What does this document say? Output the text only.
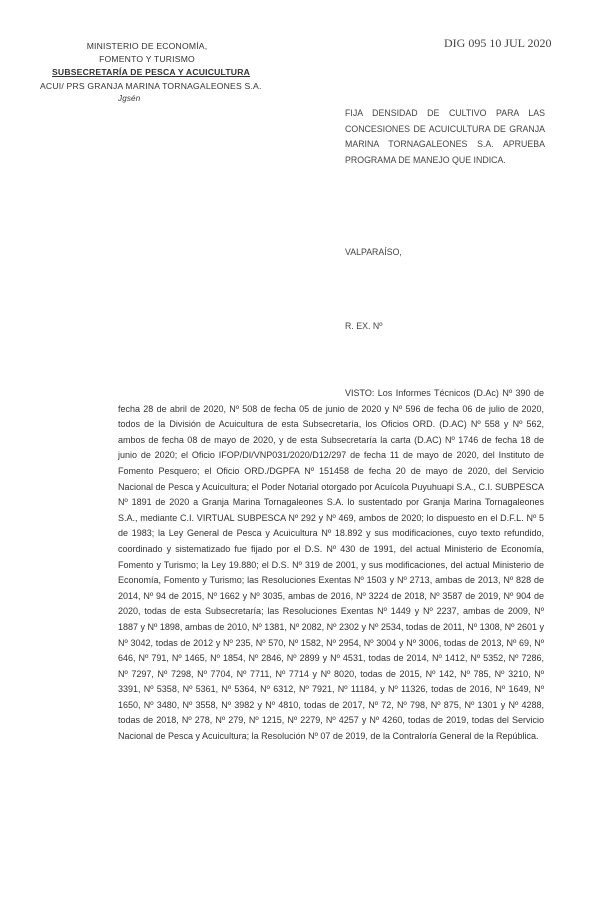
MINISTERIO DE ECONOMÍA,
FOMENTO Y TURISMO
SUBSECRETARÍA DE PESCA Y ACUICULTURA
ACUI/ PRS GRANJA MARINA TORNAGALEONES S.A.
Jgsén
DIG 095 10 JUL 2020
FIJA DENSIDAD DE CULTIVO PARA LAS CONCESIONES DE ACUICULTURA DE GRANJA MARINA TORNAGALEONES S.A. APRUEBA PROGRAMA DE MANEJO QUE INDICA.
VALPARAÍSO,
R. EX. Nº
VISTO: Los Informes Técnicos (D.Ac) Nº 390 de fecha 28 de abril de 2020, Nº 508 de fecha 05 de junio de 2020 y Nº 596 de fecha 06 de julio de 2020, todos de la División de Acuicultura de esta Subsecretaría, los Oficios ORD. (D.AC) Nº 558 y Nº 562, ambos de fecha 08 de mayo de 2020, y de esta Subsecretaría la carta (D.AC) Nº 1746 de fecha 18 de junio de 2020; el Oficio IFOP/DI/VNP031/2020/D12/297 de fecha 11 de mayo de 2020, del Instituto de Fomento Pesquero; el Oficio ORD./DGPFA Nº 151458 de fecha 20 de mayo de 2020, del Servicio Nacional de Pesca y Acuicultura; el Poder Notarial otorgado por Acuícola Puyuhuapi S.A., C.I. SUBPESCA Nº 1891 de 2020 a Granja Marina Tornagaleones S.A. lo sustentado por Granja Marina Tornagaleones S.A., mediante C.I. VIRTUAL SUBPESCA Nº 292 y Nº 469, ambos de 2020; lo dispuesto en el D.F.L. Nº 5 de 1983; la Ley General de Pesca y Acuicultura Nº 18.892 y sus modificaciones, cuyo texto refundido, coordinado y sistematizado fue fijado por el D.S. Nº 430 de 1991, del actual Ministerio de Economía, Fomento y Turismo; la Ley 19.880; el D.S. Nº 319 de 2001, y sus modificaciones, del actual Ministerio de Economía, Fomento y Turismo; las Resoluciones Exentas Nº 1503 y Nº 2713, ambas de 2013, Nº 828 de 2014, Nº 94 de 2015, Nº 1662 y Nº 3035, ambas de 2016, Nº 3224 de 2018, Nº 3587 de 2019, Nº 904 de 2020, todas de esta Subsecretaría; las Resoluciones Exentas Nº 1449 y Nº 2237, ambas de 2009, Nº 1887 y Nº 1898, ambas de 2010, Nº 1381, Nº 2082, Nº 2302 y Nº 2534, todas de 2011, Nº 1308, Nº 2601 y Nº 3042, todas de 2012 y Nº 235, Nº 570, Nº 1582, Nº 2954, Nº 3004 y Nº 3006, todas de 2013, Nº 69, Nº 646, Nº 791, Nº 1465, Nº 1854, Nº 2846, Nº 2899 y Nº 4531, todas de 2014, Nº 1412, Nº 5352, Nº 7286, Nº 7297, Nº 7298, Nº 7704, Nº 7711, Nº 7714 y Nº 8020, todas de 2015, Nº 142, Nº 785, Nº 3210, Nº 3391, Nº 5358, Nº 5361, Nº 5364, Nº 6312, Nº 7921, Nº 11184, y Nº 11326, todas de 2016, Nº 1649, Nº 1650, Nº 3480, Nº 3558, Nº 3982 y Nº 4810, todas de 2017, Nº 72, Nº 798, Nº 875, Nº 1301 y Nº 4288, todas de 2018, Nº 278, Nº 279, Nº 1215, Nº 2279, Nº 4257 y Nº 4260, todas de 2019, todas del Servicio Nacional de Pesca y Acuicultura; la Resolución Nº 07 de 2019, de la Contraloría General de la República.
